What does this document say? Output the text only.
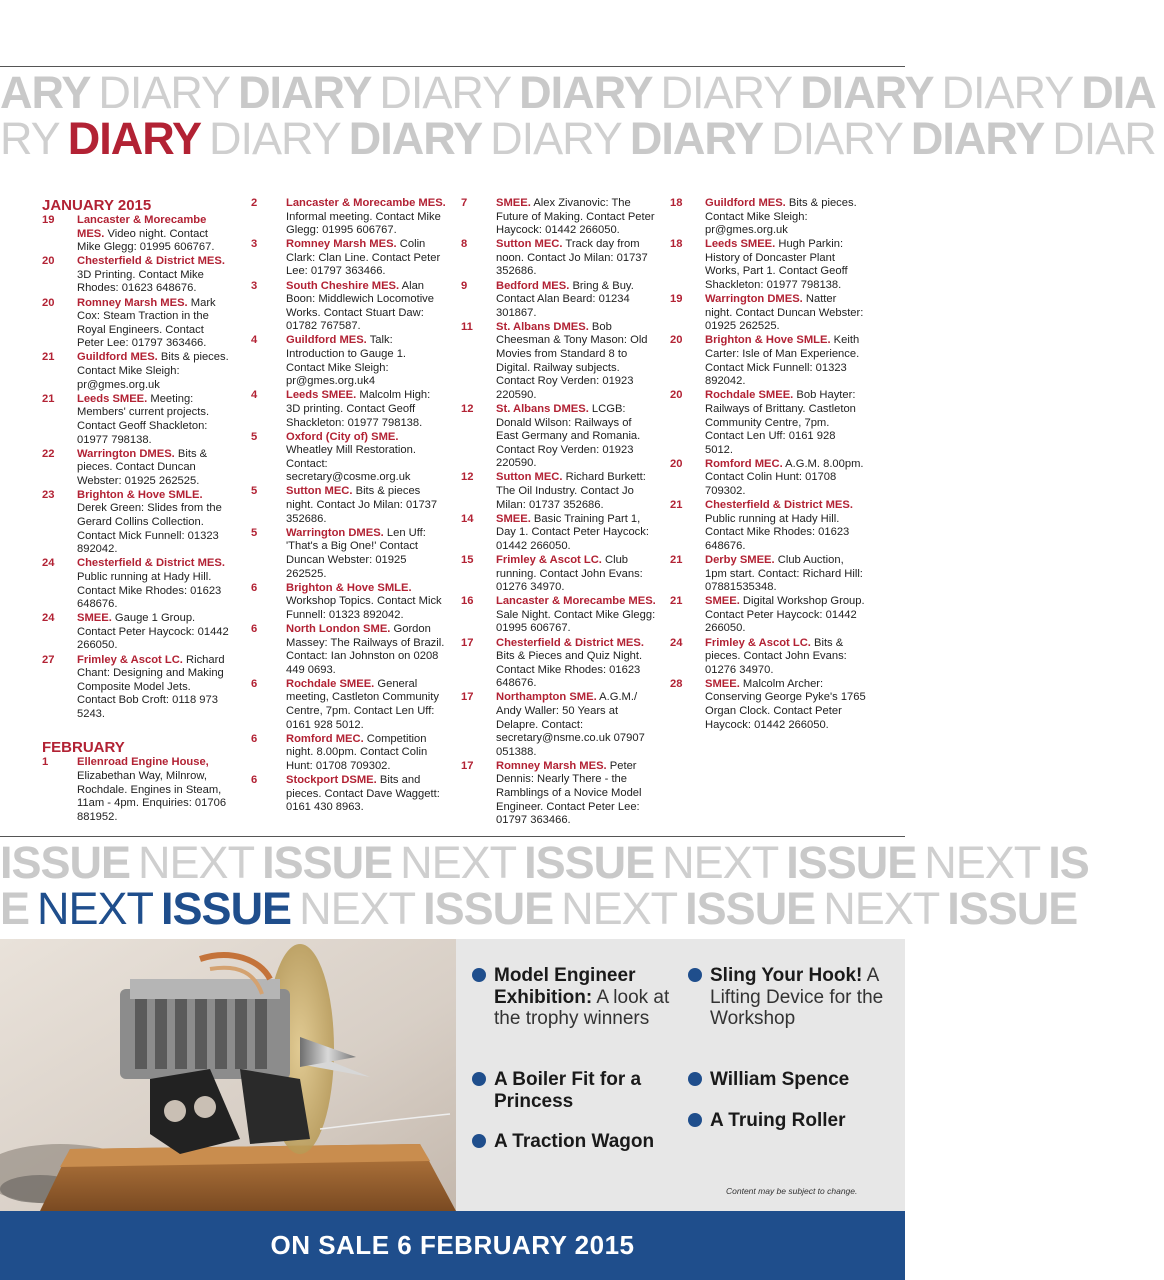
ARY DIARY DIARY DIARY DIARY DIARY DIARY DIARY DIA
RY DIARY DIARY DIARY DIARY DIARY DIARY DIARY DIAR
JANUARY 2015
19	Lancaster & Morecambe MES. Video night. Contact Mike Glegg: 01995 606767.
20	Chesterfield & District MES. 3D Printing. Contact Mike Rhodes: 01623 648676.
20	Romney Marsh MES. Mark Cox: Steam Traction in the Royal Engineers. Contact Peter Lee: 01797 363466.
21	Guildford MES. Bits & pieces. Contact Mike Sleigh: pr@gmes.org.uk
21	Leeds SMEE. Meeting: Members' current projects. Contact Geoff Shackleton: 01977 798138.
22	Warrington DMES. Bits & pieces. Contact Duncan Webster: 01925 262525.
23	Brighton & Hove SMLE. Derek Green: Slides from the Gerard Collins Collection. Contact Mick Funnell: 01323 892042.
24	Chesterfield & District MES. Public running at Hady Hill. Contact Mike Rhodes: 01623 648676.
24	SMEE. Gauge 1 Group. Contact Peter Haycock: 01442 266050.
27	Frimley & Ascot LC. Richard Chant: Designing and Making Composite Model Jets. Contact Bob Croft: 0118 973 5243.
FEBRUARY
1	Ellenroad Engine House, Elizabethan Way, Milnrow, Rochdale. Engines in Steam, 11am - 4pm. Enquiries: 01706 881952.
2	Lancaster & Morecambe MES. Informal meeting. Contact Mike Glegg: 01995 606767.
3	Romney Marsh MES. Colin Clark: Clan Line. Contact Peter Lee: 01797 363466.
3	South Cheshire MES. Alan Boon: Middlewich Locomotive Works. Contact Stuart Daw: 01782 767587.
4	Guildford MES. Talk: Introduction to Gauge 1. Contact Mike Sleigh: pr@gmes.org.uk4
4	Leeds SMEE. Malcolm High: 3D printing. Contact Geoff Shackleton: 01977 798138.
5	Oxford (City of) SME. Wheatley Mill Restoration. Contact: secretary@cosme.org.uk
5	Sutton MEC. Bits & pieces night. Contact Jo Milan: 01737 352686.
5	Warrington DMES. Len Uff: 'That's a Big One!' Contact Duncan Webster: 01925 262525.
6	Brighton & Hove SMLE. Workshop Topics. Contact Mick Funnell: 01323 892042.
6	North London SME. Gordon Massey: The Railways of Brazil. Contact: Ian Johnston on 0208 449 0693.
6	Rochdale SMEE. General meeting, Castleton Community Centre, 7pm. Contact Len Uff: 0161 928 5012.
6	Romford MEC. Competition night. 8.00pm. Contact Colin Hunt: 01708 709302.
6	Stockport DSME. Bits and pieces. Contact Dave Waggett: 0161 430 8963.
7	SMEE. Alex Zivanovic: The Future of Making. Contact Peter Haycock: 01442 266050.
8	Sutton MEC. Track day from noon. Contact Jo Milan: 01737 352686.
9	Bedford MES. Bring & Buy. Contact Alan Beard: 01234 301867.
11	St. Albans DMES. Bob Cheesman & Tony Mason: Old Movies from Standard 8 to Digital. Railway subjects. Contact Roy Verden: 01923 220590.
12	St. Albans DMES. LCGB: Donald Wilson: Railways of East Germany and Romania. Contact Roy Verden: 01923 220590.
12	Sutton MEC. Richard Burkett: The Oil Industry. Contact Jo Milan: 01737 352686.
14	SMEE. Basic Training Part 1, Day 1. Contact Peter Haycock: 01442 266050.
15	Frimley & Ascot LC. Club running. Contact John Evans: 01276 34970.
16	Lancaster & Morecambe MES. Sale Night. Contact Mike Glegg: 01995 606767.
17	Chesterfield & District MES. Bits & Pieces and Quiz Night. Contact Mike Rhodes: 01623 648676.
17	Northampton SME. A.G.M./ Andy Waller: 50 Years at Delapre. Contact: secretary@nsme.co.uk 07907 051388.
17	Romney Marsh MES. Peter Dennis: Nearly There - the Ramblings of a Novice Model Engineer. Contact Peter Lee: 01797 363466.
18	Guildford MES. Bits & pieces. Contact Mike Sleigh: pr@gmes.org.uk
18	Leeds SMEE. Hugh Parkin: History of Doncaster Plant Works, Part 1. Contact Geoff Shackleton: 01977 798138.
19	Warrington DMES. Natter night. Contact Duncan Webster: 01925 262525.
20	Brighton & Hove SMLE. Keith Carter: Isle of Man Experience. Contact Mick Funnell: 01323 892042.
20	Rochdale SMEE. Bob Hayter: Railways of Brittany. Castleton Community Centre, 7pm. Contact Len Uff: 0161 928 5012.
20	Romford MEC. A.G.M. 8.00pm. Contact Colin Hunt: 01708 709302.
21	Chesterfield & District MES. Public running at Hady Hill. Contact Mike Rhodes: 01623 648676.
21	Derby SMEE. Club Auction, 1pm start. Contact: Richard Hill: 07881535348.
21	SMEE. Digital Workshop Group. Contact Peter Haycock: 01442 266050.
24	Frimley & Ascot LC. Bits & pieces. Contact John Evans: 01276 34970.
28	SMEE. Malcolm Archer: Conserving George Pyke's 1765 Organ Clock. Contact Peter Haycock: 01442 266050.
ISSUE NEXT ISSUE NEXT ISSUE NEXT ISSUE NEXT IS
E NEXT ISSUE NEXT ISSUE NEXT ISSUE NEXT ISSUE
Model Engineer Exhibition: A look at the trophy winners
A Boiler Fit for a Princess
A Traction Wagon
Sling Your Hook! A Lifting Device for the Workshop
William Spence
A Truing Roller
Content may be subject to change.
ON SALE 6 FEBRUARY 2015
